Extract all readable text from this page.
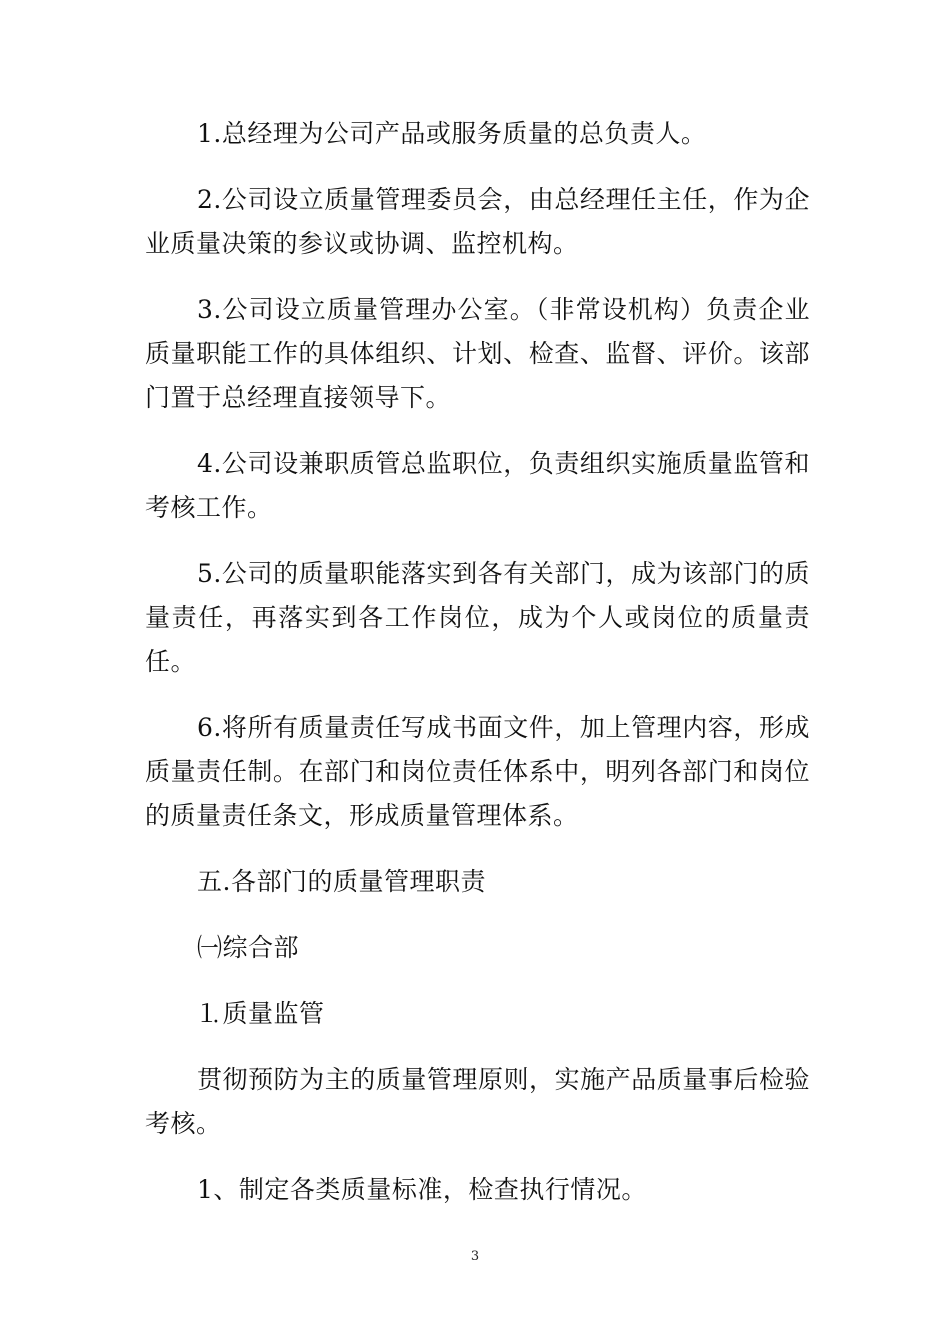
1.总经理为公司产品或服务质量的总负责人。

2.公司设立质量管理委员会，由总经理任主任，作为企业质量决策的参议或协调、监控机构。

3.公司设立质量管理办公室。（非常设机构）负责企业质量职能工作的具体组织、计划、检查、监督、评价。该部门置于总经理直接领导下。

4.公司设兼职质管总监职位，负责组织实施质量监管和考核工作。

5.公司的质量职能落实到各有关部门，成为该部门的质量责任，再落实到各工作岗位，成为个人或岗位的质量责任。

6.将所有质量责任写成书面文件，加上管理内容，形成质量责任制。在部门和岗位责任体系中，明列各部门和岗位的质量责任条文，形成质量管理体系。

五.各部门的质量管理职责

㈠综合部

⒈质量监管

贯彻预防为主的质量管理原则，实施产品质量事后检验考核。

1、制定各类质量标准，检查执行情况。

3
